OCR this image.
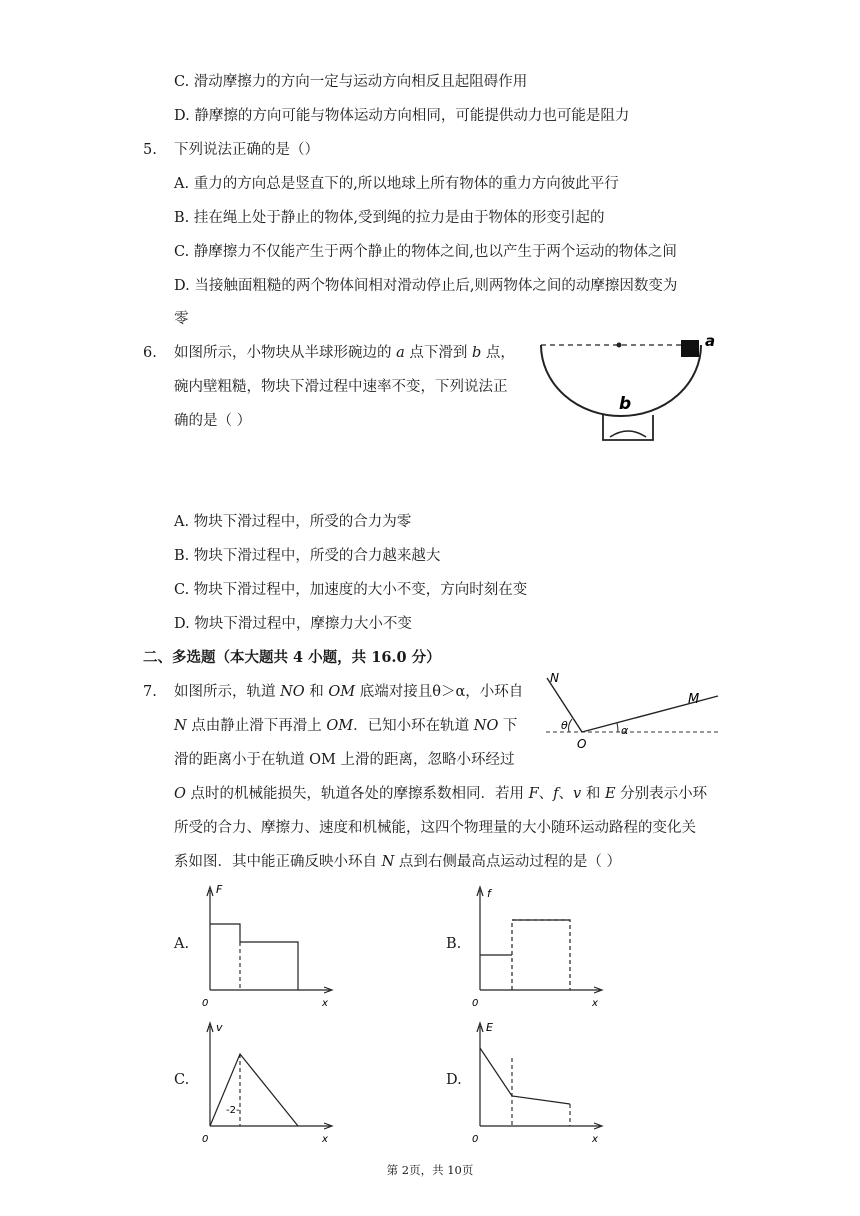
C. 滑动摩擦力的方向一定与运动方向相反且起阻碍作用
D. 静摩擦的方向可能与物体运动方向相同，可能提供动力也可能是阻力
5. 下列说法正确的是（）
A. 重力的方向总是竖直下的,所以地球上所有物体的重力方向彼此平行
B. 挂在绳上处于静止的物体,受到绳的拉力是由于物体的形变引起的
C. 静摩擦力不仅能产生于两个静止的物体之间,也以产生于两个运动的物体之间
D. 当接触面粗糙的两个物体间相对滑动停止后,则两物体之间的动摩擦因数变为
零
6. 如图所示，小物块从半球形碗边的 a 点下滑到 b 点，
碗内壁粗糙，物块下滑过程中速率不变，下列说法正
确的是（ ）
a
b
A. 物块下滑过程中，所受的合力为零
B. 物块下滑过程中，所受的合力越来越大
C. 物块下滑过程中，加速度的大小不变，方向时刻在变
D. 物块下滑过程中，摩擦力大小不变
二、多选题（本大题共 4 小题，共 16.0 分）
7. 如图所示，轨道 NO 和 OM 底端对接且θ＞α，小环自
N 点由静止滑下再滑上 OM．已知小环在轨道 NO 下
滑的距离小于在轨道 OM 上滑的距离，忽略小环经过
O 点时的机械能损失，轨道各处的摩擦系数相同．若用 F、f、v 和 E 分别表示小环
所受的合力、摩擦力、速度和机械能，这四个物理量的大小随环运动路程的变化关
系如图．其中能正确反映小环自 N 点到右侧最高点运动过程的是（ ）
N
M
O
θ	α
A.
F
0	x
B.
f
0	x
C.
v
0	x
-2-
D.
E
0	x
第 2页，共 10页
